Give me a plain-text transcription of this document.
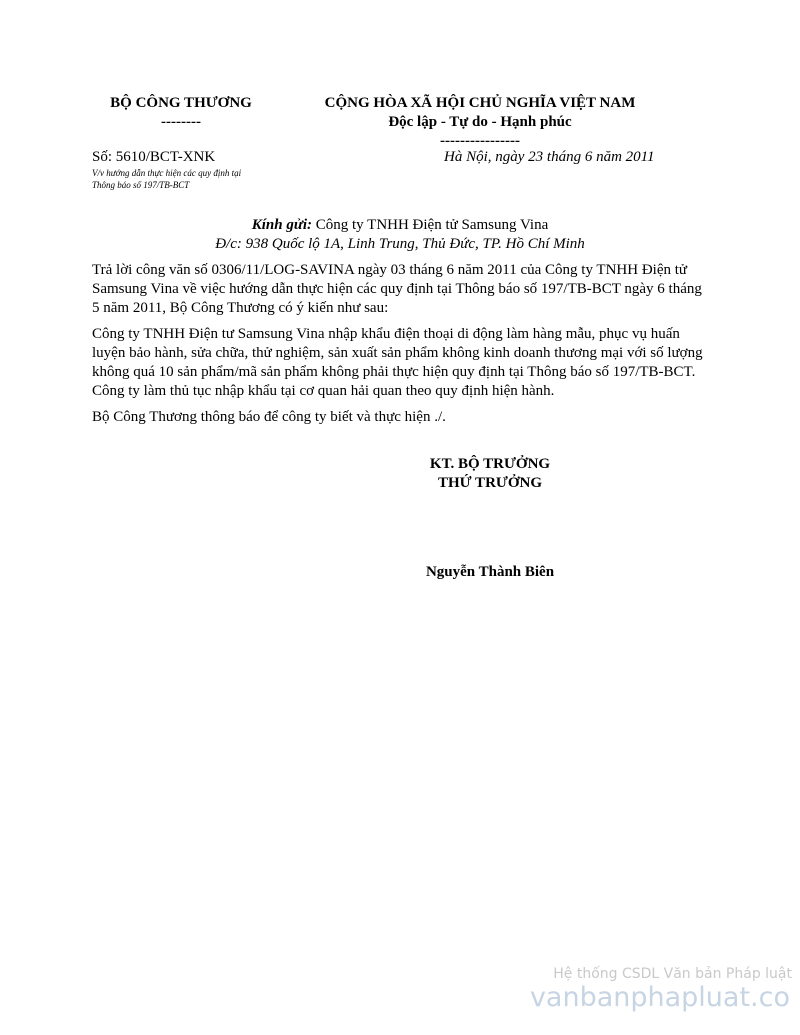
BỘ CÔNG THƯƠNG
--------
CỘNG HÒA XÃ HỘI CHỦ NGHĨA VIỆT NAM
Độc lập - Tự do - Hạnh phúc
----------------
Số: 5610/BCT-XNK
V/v hướng dẫn thực hiện các quy định tại
Thông báo số 197/TB-BCT
Hà Nội, ngày 23 tháng 6 năm 2011
Kính gửi: Công ty TNHH Điện tử Samsung Vina
Đ/c: 938 Quốc lộ 1A, Linh Trung, Thủ Đức, TP. Hồ Chí Minh

Trả lời công văn số 0306/11/LOG-SAVINA ngày 03 tháng 6 năm 2011 của Công ty TNHH Điện tử Samsung Vina về việc hướng dẫn thực hiện các quy định tại Thông báo số 197/TB-BCT ngày 6 tháng 5 năm 2011, Bộ Công Thương có ý kiến như sau:

Công ty TNHH Điện tư Samsung Vina nhập khẩu điện thoại di động làm hàng mẫu, phục vụ huấn luyện bảo hành, sửa chữa, thử nghiệm, sản xuất sản phẩm không kinh doanh thương mại với số lượng không quá 10 sản phẩm/mã sản phẩm không phải thực hiện quy định tại Thông báo số 197/TB-BCT. Công ty làm thủ tục nhập khẩu tại cơ quan hải quan theo quy định hiện hành.

Bộ Công Thương thông báo để công ty biết và thực hiện ./.

KT. BỘ TRƯỞNG
THỨ TRƯỞNG
Nguyễn Thành Biên
Hệ thống CSDL Văn bản Pháp luật
vanbanphapluat.co
